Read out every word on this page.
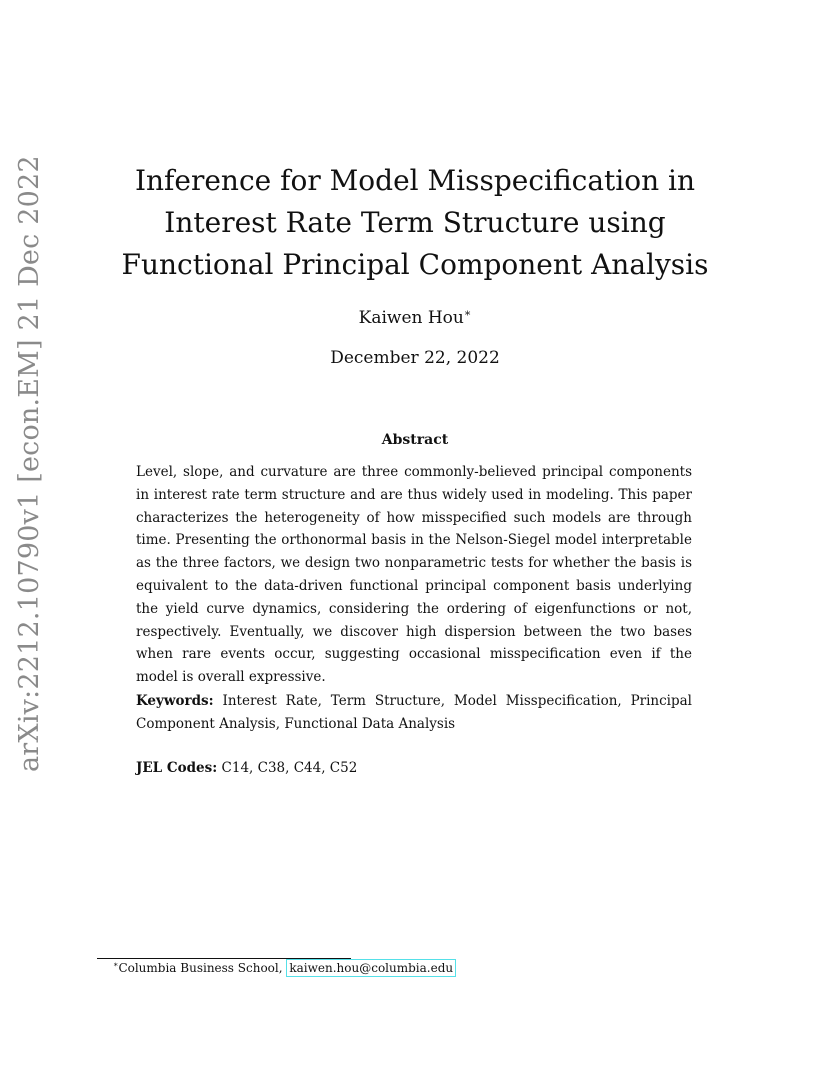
arXiv:2212.10790v1 [econ.EM] 21 Dec 2022	Inference for Model Misspecification in Interest Rate Term Structure using Functional Principal Component Analysis
Kaiwen Hou∗
December 22, 2022
Abstract
Level, slope, and curvature are three commonly-believed principal components in interest rate term structure and are thus widely used in modeling. This paper characterizes the heterogeneity of how misspecified such models are through time. Presenting the orthonormal basis in the Nelson-Siegel model interpretable as the three factors, we design two nonparametric tests for whether the basis is equivalent to the data-driven functional principal component basis underlying the yield curve dynamics, considering the ordering of eigenfunctions or not, respectively. Eventually, we discover high dispersion between the two bases when rare events occur, suggesting occasional misspecification even if the model is overall expressive.
Keywords: Interest Rate, Term Structure, Model Misspecification, Principal Component Analysis, Functional Data Analysis
JEL Codes: C14, C38, C44, C52
∗Columbia Business School, kaiwen.hou@columbia.edu
